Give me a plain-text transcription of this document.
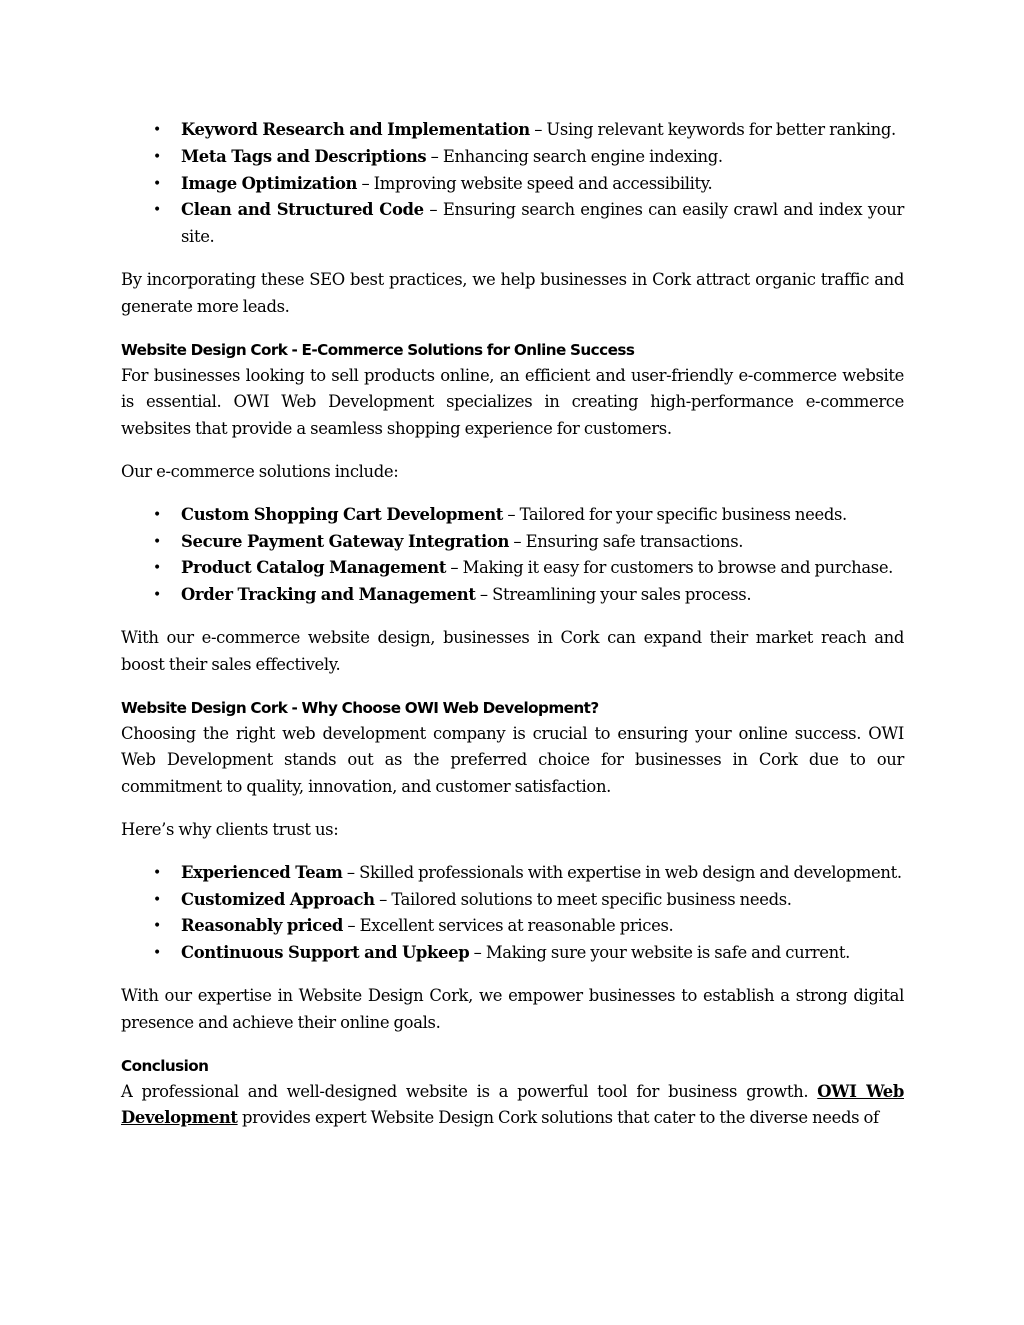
• Keyword Research and Implementation – Using relevant keywords for better ranking.
• Meta Tags and Descriptions – Enhancing search engine indexing.
• Image Optimization – Improving website speed and accessibility.
• Clean and Structured Code – Ensuring search engines can easily crawl and index your site.

By incorporating these SEO best practices, we help businesses in Cork attract organic traffic and generate more leads.

Website Design Cork - E-Commerce Solutions for Online Success

For businesses looking to sell products online, an efficient and user-friendly e-commerce website is essential. OWI Web Development specializes in creating high-performance e-commerce websites that provide a seamless shopping experience for customers.

Our e-commerce solutions include:

• Custom Shopping Cart Development – Tailored for your specific business needs.
• Secure Payment Gateway Integration – Ensuring safe transactions.
• Product Catalog Management – Making it easy for customers to browse and purchase.
• Order Tracking and Management – Streamlining your sales process.

With our e-commerce website design, businesses in Cork can expand their market reach and boost their sales effectively.

Website Design Cork - Why Choose OWI Web Development?

Choosing the right web development company is crucial to ensuring your online success. OWI Web Development stands out as the preferred choice for businesses in Cork due to our commitment to quality, innovation, and customer satisfaction.

Here’s why clients trust us:

• Experienced Team – Skilled professionals with expertise in web design and development.
• Customized Approach – Tailored solutions to meet specific business needs.
• Reasonably priced – Excellent services at reasonable prices.
• Continuous Support and Upkeep – Making sure your website is safe and current.

With our expertise in Website Design Cork, we empower businesses to establish a strong digital presence and achieve their online goals.

Conclusion

A professional and well-designed website is a powerful tool for business growth. OWI Web Development provides expert Website Design Cork solutions that cater to the diverse needs of
